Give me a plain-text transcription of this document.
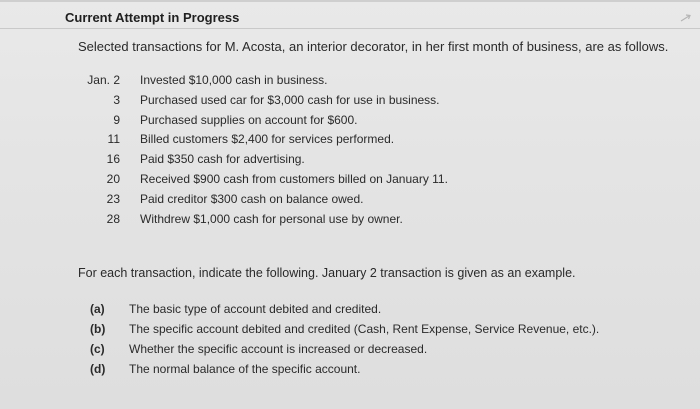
Current Attempt in Progress
Selected transactions for M. Acosta, an interior decorator, in her first month of business, are as follows.
Jan. 2 Invested $10,000 cash in business.
3 Purchased used car for $3,000 cash for use in business.
9 Purchased supplies on account for $600.
11 Billed customers $2,400 for services performed.
16 Paid $350 cash for advertising.
20 Received $900 cash from customers billed on January 11.
23 Paid creditor $300 cash on balance owed.
28 Withdrew $1,000 cash for personal use by owner.
For each transaction, indicate the following. January 2 transaction is given as an example.
(a) The basic type of account debited and credited.
(b) The specific account debited and credited (Cash, Rent Expense, Service Revenue, etc.).
(c) Whether the specific account is increased or decreased.
(d) The normal balance of the specific account.
